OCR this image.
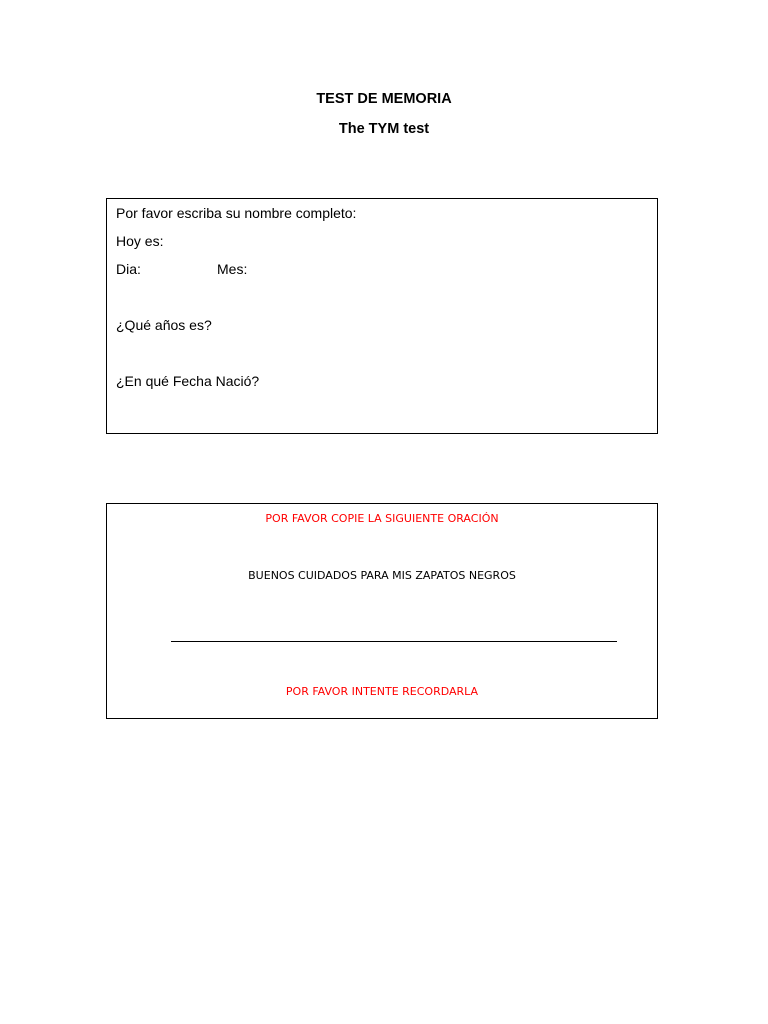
TEST DE MEMORIA
The TYM test
Por favor escriba su nombre completo:
Hoy es:
Dia:	Mes:
¿Qué años es?
¿En qué Fecha Nació?
POR FAVOR COPIE LA SIGUIENTE ORACIÓN
BUENOS CUIDADOS PARA MIS ZAPATOS NEGROS
POR FAVOR INTENTE RECORDARLA
